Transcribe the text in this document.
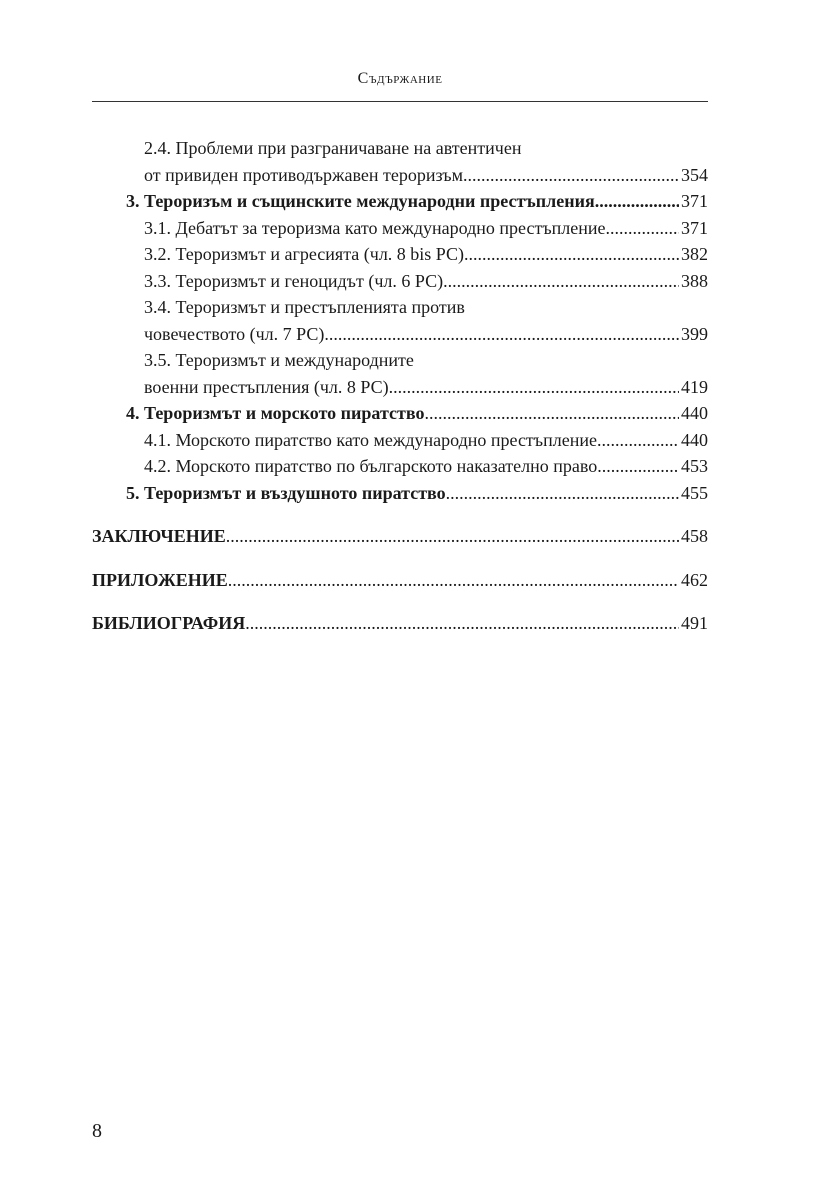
Съдържание
2.4. Проблеми при разграничаване на автентичен
от привиден противодържавен тероризъм .....	354
3. Тероризъм и същинските международни престъпления .....	371
3.1. Дебатът за тероризма като международно престъпление .....	371
3.2. Тероризмът и агресията (чл. 8 bis РС) .....	382
3.3. Тероризмът и геноцидът (чл. 6 РС) .....	388
3.4. Тероризмът и престъпленията против
човечеството (чл. 7 РС) .....	399
3.5. Тероризмът и международните
военни престъпления (чл. 8 РС) .....	419
4. Тероризмът и морското пиратство .....	440
4.1. Морското пиратство като международно престъпление .....	440
4.2. Морското пиратство по българското наказателно право .....	453
5. Тероризмът и въздушното пиратство .....	455
ЗАКЛЮЧЕНИЕ .....	458
ПРИЛОЖЕНИЕ .....	462
БИБЛИОГРАФИЯ .....	491
8
